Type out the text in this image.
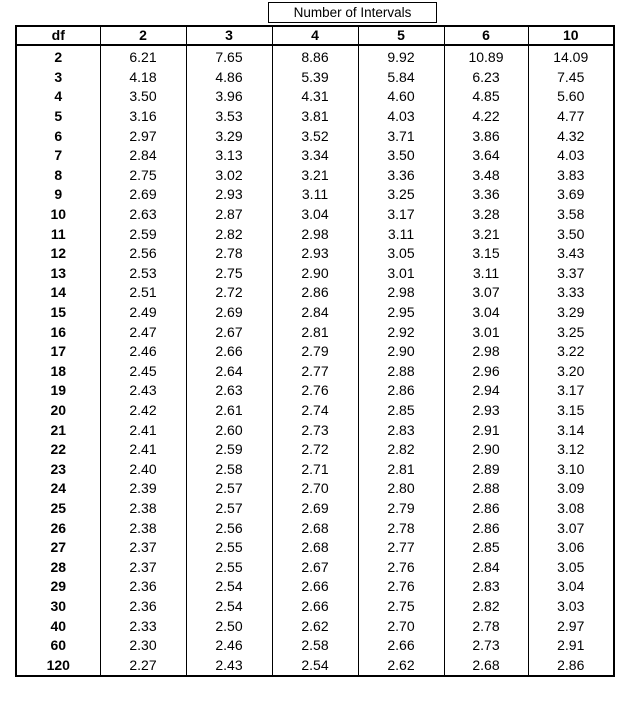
Number of Intervals
df	2	3	4	5	6	10
2	6.21	7.65	8.86	9.92	10.89	14.09
3	4.18	4.86	5.39	5.84	6.23	7.45
4	3.50	3.96	4.31	4.60	4.85	5.60
5	3.16	3.53	3.81	4.03	4.22	4.77
6	2.97	3.29	3.52	3.71	3.86	4.32
7	2.84	3.13	3.34	3.50	3.64	4.03
8	2.75	3.02	3.21	3.36	3.48	3.83
9	2.69	2.93	3.11	3.25	3.36	3.69
10	2.63	2.87	3.04	3.17	3.28	3.58
11	2.59	2.82	2.98	3.11	3.21	3.50
12	2.56	2.78	2.93	3.05	3.15	3.43
13	2.53	2.75	2.90	3.01	3.11	3.37
14	2.51	2.72	2.86	2.98	3.07	3.33
15	2.49	2.69	2.84	2.95	3.04	3.29
16	2.47	2.67	2.81	2.92	3.01	3.25
17	2.46	2.66	2.79	2.90	2.98	3.22
18	2.45	2.64	2.77	2.88	2.96	3.20
19	2.43	2.63	2.76	2.86	2.94	3.17
20	2.42	2.61	2.74	2.85	2.93	3.15
21	2.41	2.60	2.73	2.83	2.91	3.14
22	2.41	2.59	2.72	2.82	2.90	3.12
23	2.40	2.58	2.71	2.81	2.89	3.10
24	2.39	2.57	2.70	2.80	2.88	3.09
25	2.38	2.57	2.69	2.79	2.86	3.08
26	2.38	2.56	2.68	2.78	2.86	3.07
27	2.37	2.55	2.68	2.77	2.85	3.06
28	2.37	2.55	2.67	2.76	2.84	3.05
29	2.36	2.54	2.66	2.76	2.83	3.04
30	2.36	2.54	2.66	2.75	2.82	3.03
40	2.33	2.50	2.62	2.70	2.78	2.97
60	2.30	2.46	2.58	2.66	2.73	2.91
120	2.27	2.43	2.54	2.62	2.68	2.86
